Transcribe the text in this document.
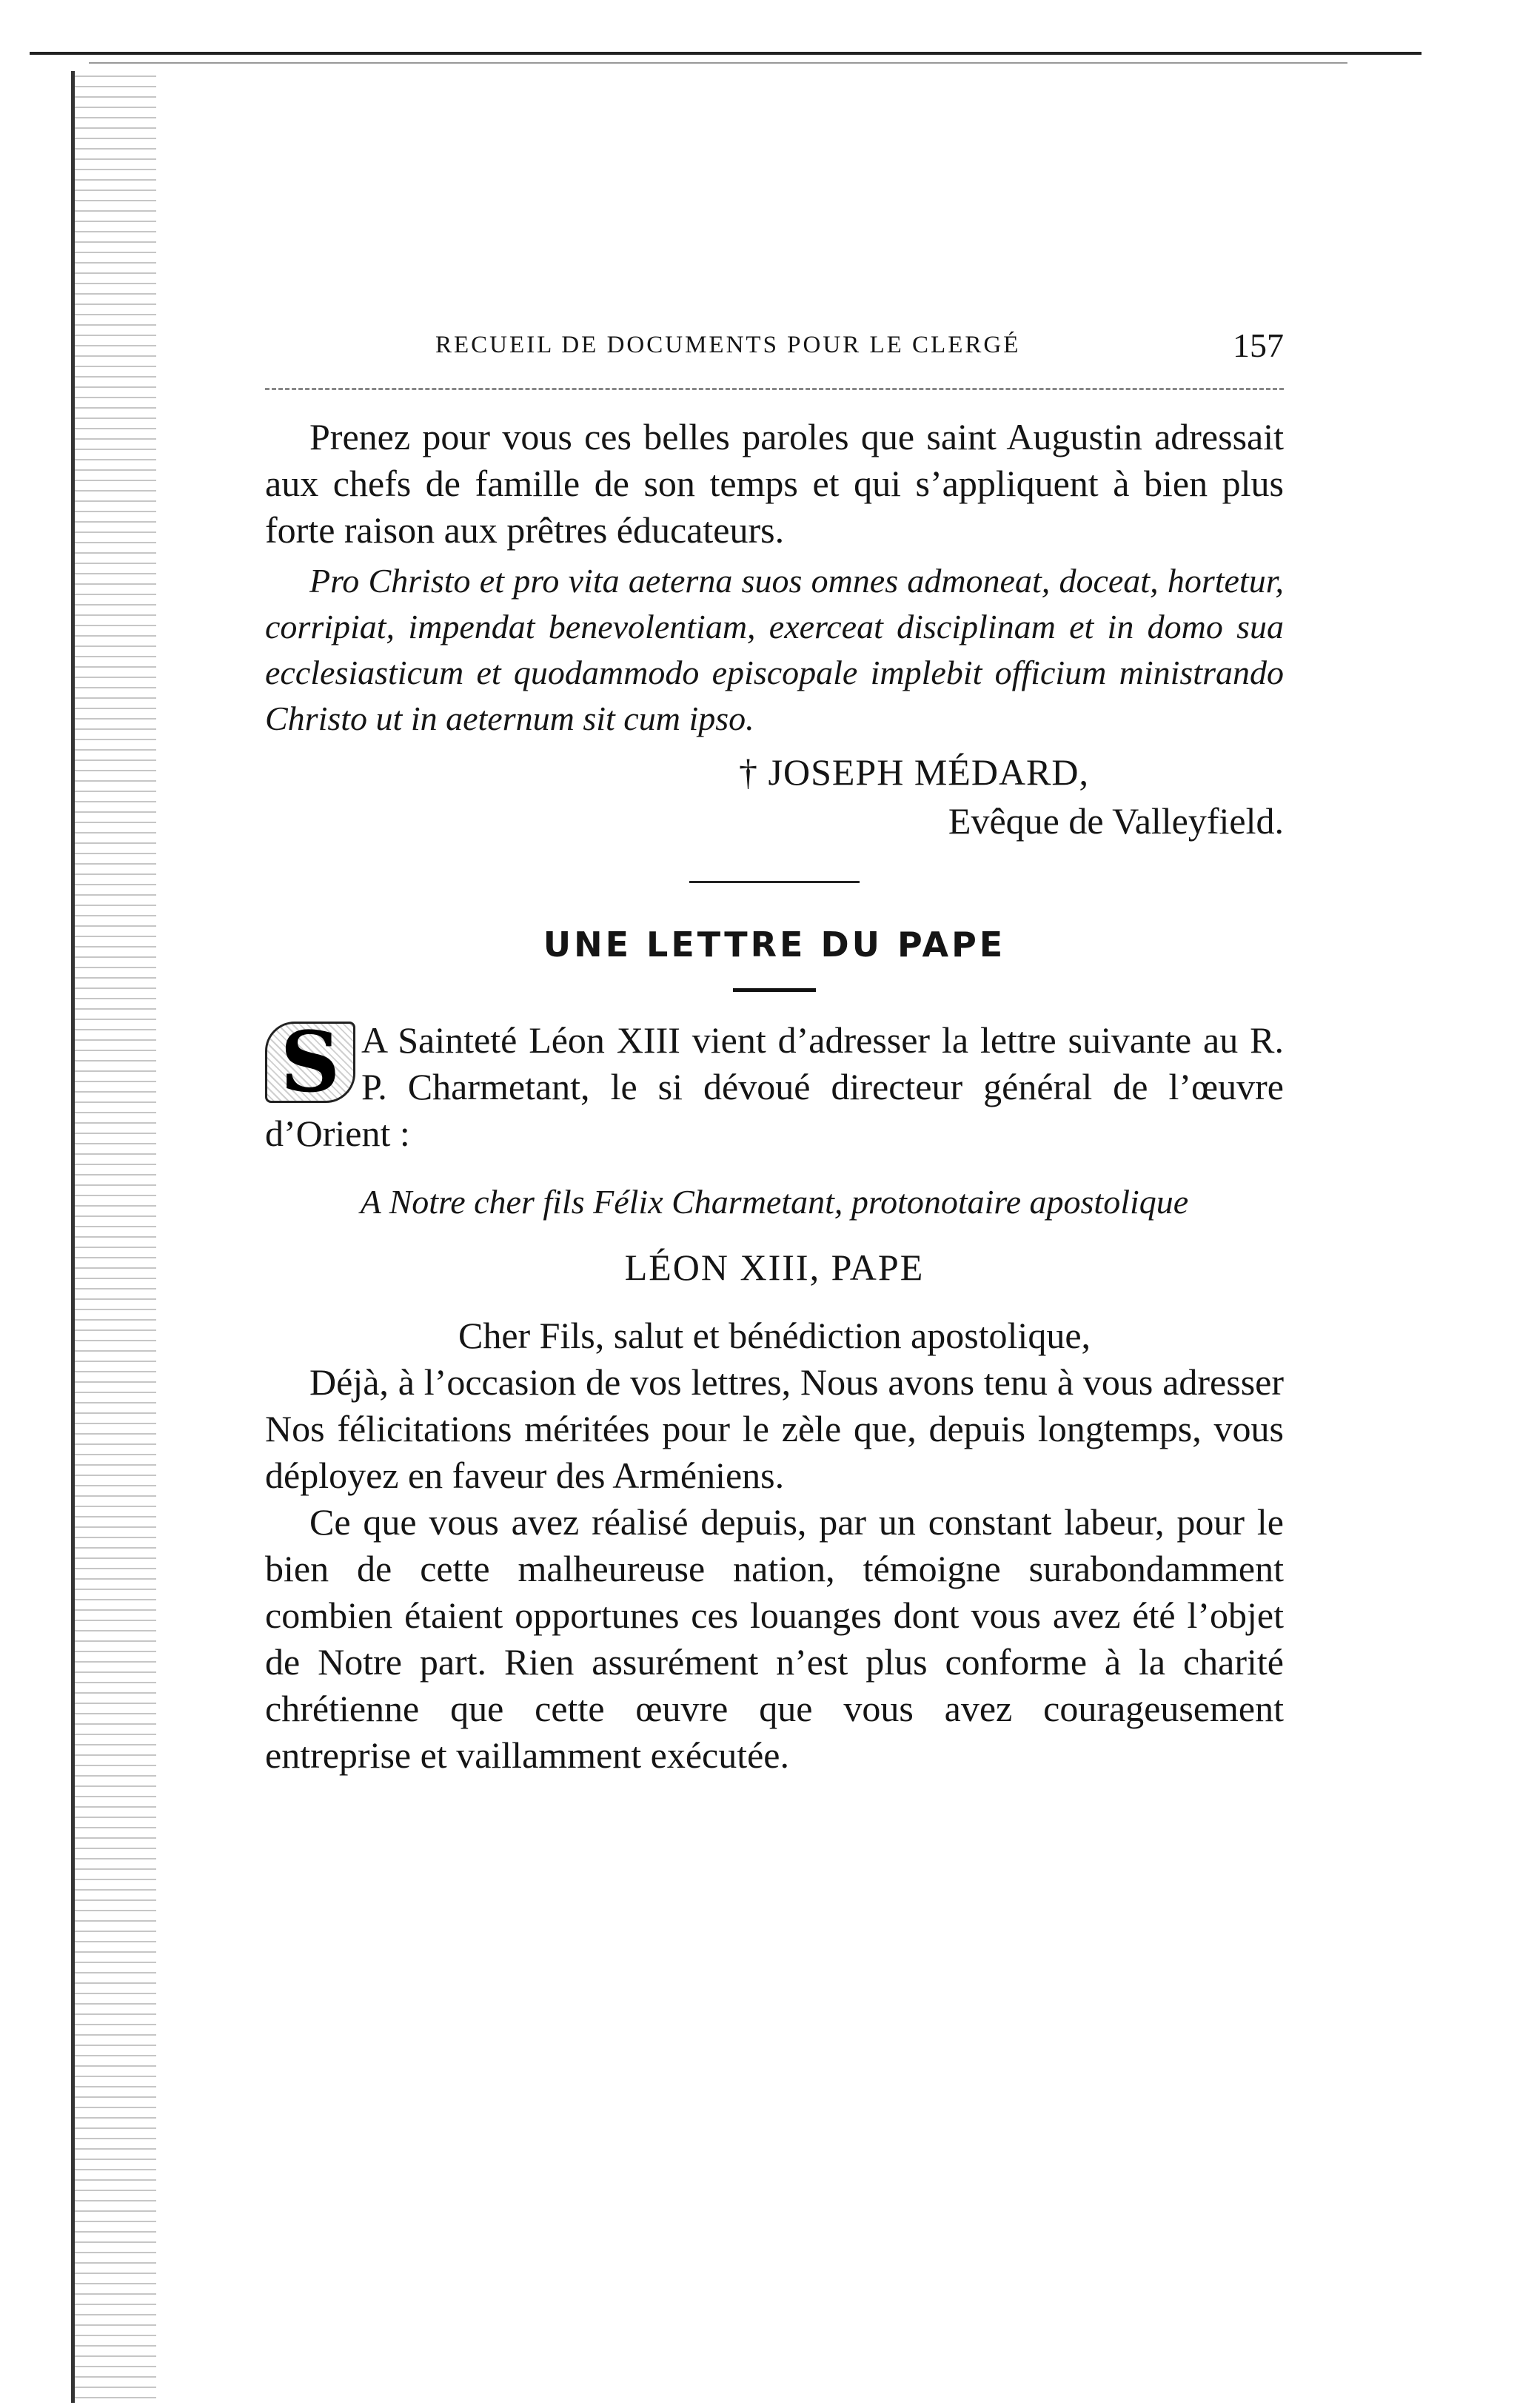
RECUEIL DE DOCUMENTS POUR LE CLERGÉ	157

Prenez pour vous ces belles paroles que saint Augustin adressait aux chefs de famille de son temps et qui s’appliquent à bien plus forte raison aux prêtres éducateurs.

Pro Christo et pro vita aeterna suos omnes admoneat, doceat, hortetur, corripiat, impendat benevolentiam, exerceat disciplinam et in domo sua ecclesiasticum et quodammodo episcopale implebit officium ministrando Christo ut in aeternum sit cum ipso.

† JOSEPH MÉDARD,
Evêque de Valleyfield.
UNE LETTRE DU PAPE
S A Sainteté Léon XIII vient d’adresser la lettre suivante au R. P. Charmetant, le si dévoué directeur général de l’œuvre d’Orient :

A Notre cher fils Félix Charmetant, protonotaire apostolique
LÉON XIII, PAPE

Cher Fils, salut et bénédiction apostolique,

Déjà, à l’occasion de vos lettres, Nous avons tenu à vous adresser Nos félicitations méritées pour le zèle que, depuis longtemps, vous déployez en faveur des Arméniens.

Ce que vous avez réalisé depuis, par un constant labeur, pour le bien de cette malheureuse nation, témoigne surabondamment combien étaient opportunes ces louanges dont vous avez été l’objet de Notre part. Rien assurément n’est plus conforme à la charité chrétienne que cette œuvre que vous avez courageusement entreprise et vaillamment exécutée.
